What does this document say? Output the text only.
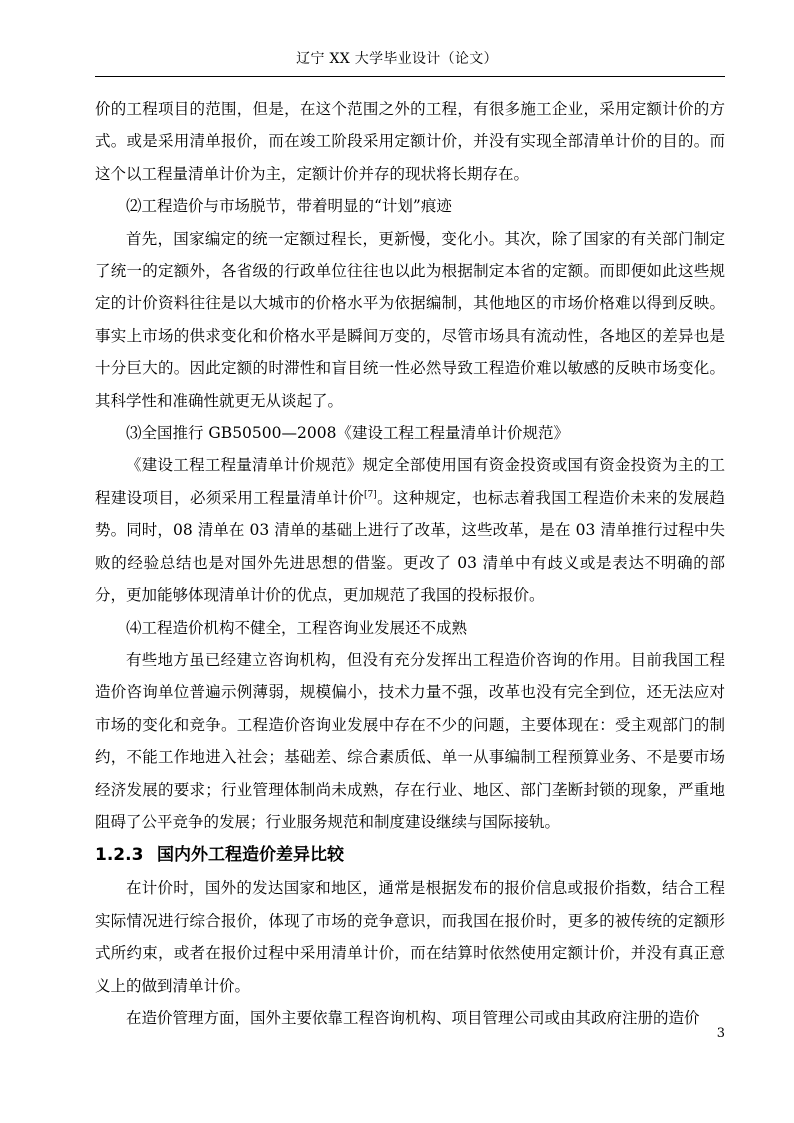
辽宁 XX 大学毕业设计（论文）

价的工程项目的范围，但是，在这个范围之外的工程，有很多施工企业，采用定额计价的方式。或是采用清单报价，而在竣工阶段采用定额计价，并没有实现全部清单计价的目的。而这个以工程量清单计价为主，定额计价并存的现状将长期存在。

⑵工程造价与市场脱节，带着明显的“计划”痕迹

首先，国家编定的统一定额过程长，更新慢，变化小。其次，除了国家的有关部门制定了统一的定额外，各省级的行政单位往往也以此为根据制定本省的定额。而即便如此这些规定的计价资料往往是以大城市的价格水平为依据编制，其他地区的市场价格难以得到反映。事实上市场的供求变化和价格水平是瞬间万变的，尽管市场具有流动性，各地区的差异也是十分巨大的。因此定额的时滞性和盲目统一性必然导致工程造价难以敏感的反映市场变化。其科学性和准确性就更无从谈起了。

⑶全国推行 GB50500—2008《建设工程工程量清单计价规范》

《建设工程工程量清单计价规范》规定全部使用国有资金投资或国有资金投资为主的工程建设项目，必须采用工程量清单计价[7]。这种规定，也标志着我国工程造价未来的发展趋势。同时，08 清单在 03 清单的基础上进行了改革，这些改革，是在 03 清单推行过程中失败的经验总结也是对国外先进思想的借鉴。更改了 03 清单中有歧义或是表达不明确的部分，更加能够体现清单计价的优点，更加规范了我国的投标报价。

⑷工程造价机构不健全，工程咨询业发展还不成熟

有些地方虽已经建立咨询机构，但没有充分发挥出工程造价咨询的作用。目前我国工程造价咨询单位普遍示例薄弱，规模偏小，技术力量不强，改革也没有完全到位，还无法应对市场的变化和竞争。工程造价咨询业发展中存在不少的问题，主要体现在：受主观部门的制约，不能工作地进入社会；基础差、综合素质低、单一从事编制工程预算业务、不是要市场经济发展的要求；行业管理体制尚未成熟，存在行业、地区、部门垄断封锁的现象，严重地阻碍了公平竞争的发展；行业服务规范和制度建设继续与国际接轨。

1.2.3 国内外工程造价差异比较

在计价时，国外的发达国家和地区，通常是根据发布的报价信息或报价指数，结合工程实际情况进行综合报价，体现了市场的竞争意识，而我国在报价时，更多的被传统的定额形式所约束，或者在报价过程中采用清单计价，而在结算时依然使用定额计价，并没有真正意义上的做到清单计价。

在造价管理方面，国外主要依靠工程咨询机构、项目管理公司或由其政府注册的造价

3
